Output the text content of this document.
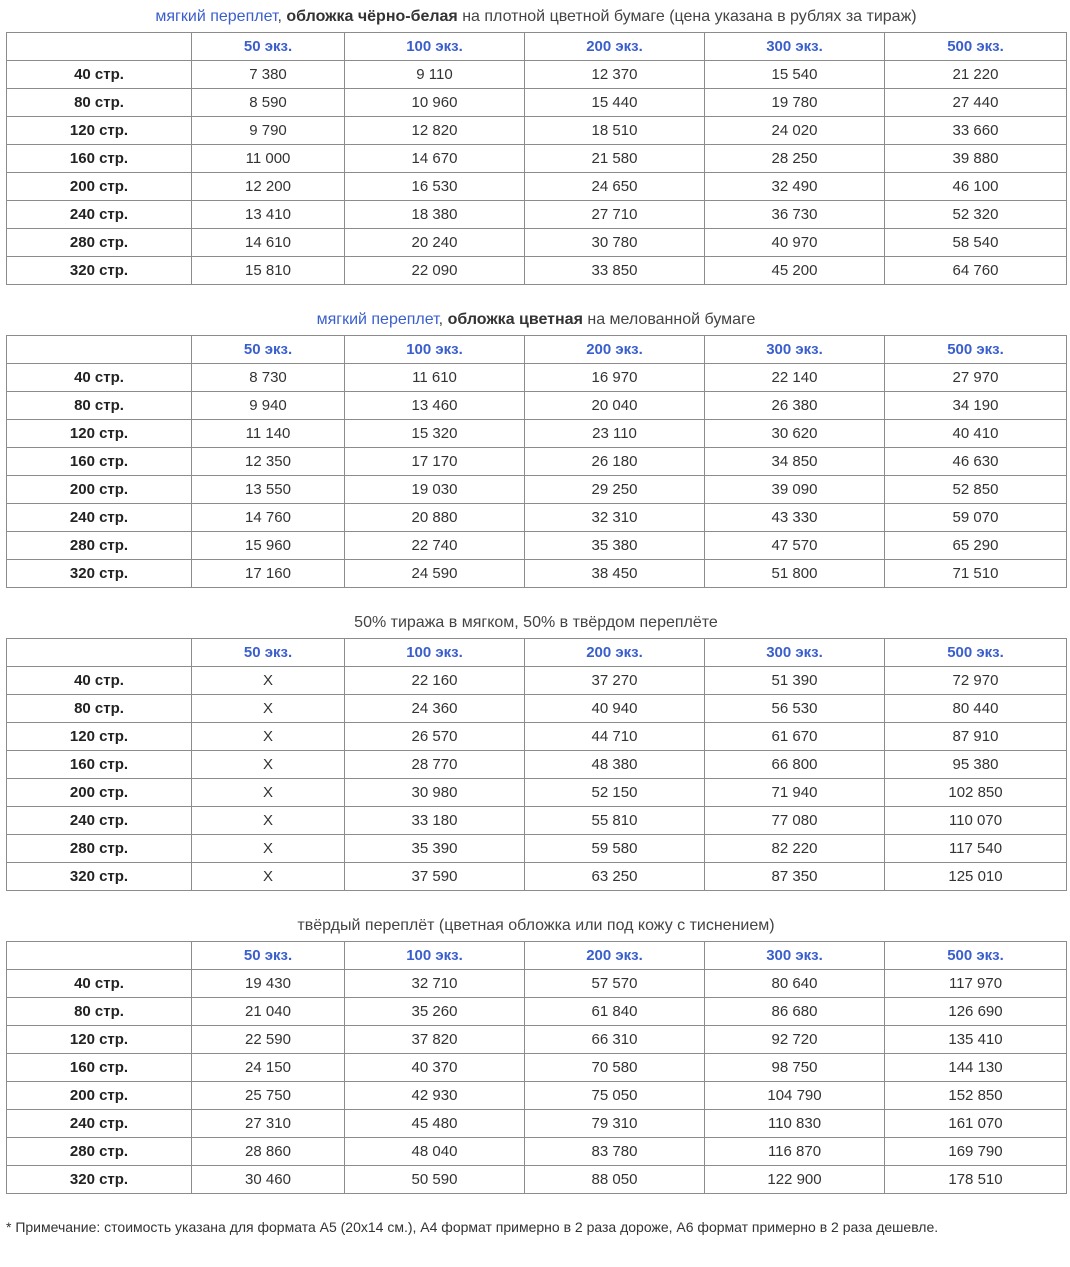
мягкий переплет, обложка чёрно-белая на плотной цветной бумаге (цена указана в рублях за тираж)
	50 экз.	100 экз.	200 экз.	300 экз.	500 экз.
40 стр.	7 380	9 110	12 370	15 540	21 220
80 стр.	8 590	10 960	15 440	19 780	27 440
120 стр.	9 790	12 820	18 510	24 020	33 660
160 стр.	11 000	14 670	21 580	28 250	39 880
200 стр.	12 200	16 530	24 650	32 490	46 100
240 стр.	13 410	18 380	27 710	36 730	52 320
280 стр.	14 610	20 240	30 780	40 970	58 540
320 стр.	15 810	22 090	33 850	45 200	64 760
мягкий переплет, обложка цветная на мелованной бумаге
	50 экз.	100 экз.	200 экз.	300 экз.	500 экз.
40 стр.	8 730	11 610	16 970	22 140	27 970
80 стр.	9 940	13 460	20 040	26 380	34 190
120 стр.	11 140	15 320	23 110	30 620	40 410
160 стр.	12 350	17 170	26 180	34 850	46 630
200 стр.	13 550	19 030	29 250	39 090	52 850
240 стр.	14 760	20 880	32 310	43 330	59 070
280 стр.	15 960	22 740	35 380	47 570	65 290
320 стр.	17 160	24 590	38 450	51 800	71 510
50% тиража в мягком, 50% в твёрдом переплёте
	50 экз.	100 экз.	200 экз.	300 экз.	500 экз.
40 стр.	X	22 160	37 270	51 390	72 970
80 стр.	X	24 360	40 940	56 530	80 440
120 стр.	X	26 570	44 710	61 670	87 910
160 стр.	X	28 770	48 380	66 800	95 380
200 стр.	X	30 980	52 150	71 940	102 850
240 стр.	X	33 180	55 810	77 080	110 070
280 стр.	X	35 390	59 580	82 220	117 540
320 стр.	X	37 590	63 250	87 350	125 010
твёрдый переплёт (цветная обложка или под кожу с тиснением)
	50 экз.	100 экз.	200 экз.	300 экз.	500 экз.
40 стр.	19 430	32 710	57 570	80 640	117 970
80 стр.	21 040	35 260	61 840	86 680	126 690
120 стр.	22 590	37 820	66 310	92 720	135 410
160 стр.	24 150	40 370	70 580	98 750	144 130
200 стр.	25 750	42 930	75 050	104 790	152 850
240 стр.	27 310	45 480	79 310	110 830	161 070
280 стр.	28 860	48 040	83 780	116 870	169 790
320 стр.	30 460	50 590	88 050	122 900	178 510
* Примечание: стоимость указана для формата А5 (20х14 см.), А4 формат примерно в 2 раза дороже, А6 формат примерно в 2 раза дешевле.
